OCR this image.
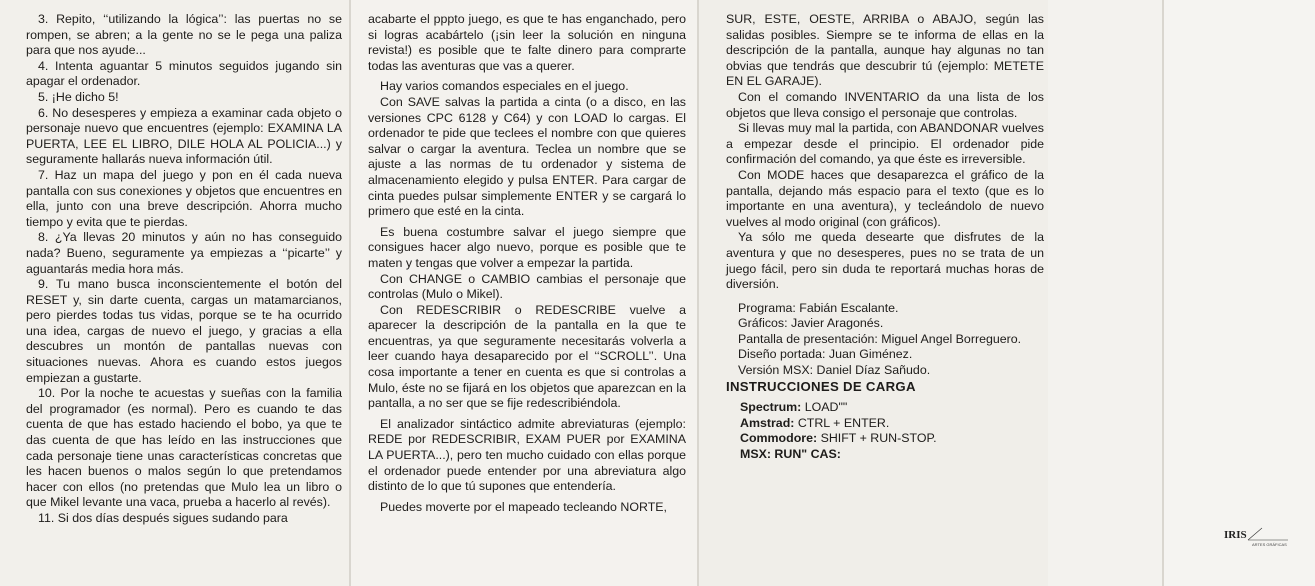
3. Repito, ‘‘utilizando la lógica’’: las puertas no se rompen, se abren; a la gente no se le pega una paliza para que nos ayude...

4. Intenta aguantar 5 minutos seguidos jugando sin apagar el ordenador.

5. ¡He dicho 5!

6. No desesperes y empieza a examinar cada objeto o personaje nuevo que encuentres (ejemplo: EXAMINA LA PUERTA, LEE EL LIBRO, DILE HOLA AL POLICIA...) y seguramente hallarás nueva información útil.

7. Haz un mapa del juego y pon en él cada nueva pantalla con sus conexiones y objetos que encuentres en ella, junto con una breve descripción. Ahorra mucho tiempo y evita que te pierdas.

8. ¿Ya llevas 20 minutos y aún no has conseguido nada? Bueno, seguramente ya empiezas a ‘‘picarte’’ y aguantarás media hora más.

9. Tu mano busca inconscientemente el botón del RESET y, sin darte cuenta, cargas un matamarcianos, pero pierdes todas tus vidas, porque se te ha ocurrido una idea, cargas de nuevo el juego, y gracias a ella descubres un montón de pantallas nuevas con situaciones nuevas. Ahora es cuando estos juegos empiezan a gustarte.

10. Por la noche te acuestas y sueñas con la familia del programador (es normal). Pero es cuando te das cuenta de que has estado haciendo el bobo, ya que te das cuenta de que has leído en las instrucciones que cada personaje tiene unas características concretas que les hacen buenos o malos según lo que pretendamos hacer con ellos (no pretendas que Mulo lea un libro o que Mikel levante una vaca, prueba a hacerlo al revés).

11. Si dos días después sigues sudando para

acabarte el pppto juego, es que te has enganchado, pero si logras acabártelo (¡sin leer la solución en ninguna revista!) es posible que te falte dinero para comprarte todas las aventuras que vas a querer.

Hay varios comandos especiales en el juego.

Con SAVE salvas la partida a cinta (o a disco, en las versiones CPC 6128 y C64) y con LOAD lo cargas. El ordenador te pide que teclees el nombre con que quieres salvar o cargar la aventura. Teclea un nombre que se ajuste a las normas de tu ordenador y sistema de almacenamiento elegido y pulsa ENTER. Para cargar de cinta puedes pulsar simplemente ENTER y se cargará lo primero que esté en la cinta.

Es buena costumbre salvar el juego siempre que consigues hacer algo nuevo, porque es posible que te maten y tengas que volver a empezar la partida.

Con CHANGE o CAMBIO cambias el personaje que controlas (Mulo o Mikel).

Con REDESCRIBIR o REDESCRIBE vuelve a aparecer la descripción de la pantalla en la que te encuentras, ya que seguramente necesitarás volverla a leer cuando haya desaparecido por el ‘‘SCROLL’’. Una cosa importante a tener en cuenta es que si controlas a Mulo, éste no se fijará en los objetos que aparezcan en la pantalla, a no ser que se fije redescribiéndola.

El analizador sintáctico admite abreviaturas (ejemplo: REDE por REDESCRIBIR, EXAM PUER por EXAMINA LA PUERTA...), pero ten mucho cuidado con ellas porque el ordenador puede entender por una abreviatura algo distinto de lo que tú supones que entendería.

Puedes moverte por el mapeado tecleando NORTE,

SUR, ESTE, OESTE, ARRIBA o ABAJO, según las salidas posibles. Siempre se te informa de ellas en la descripción de la pantalla, aunque hay algunas no tan obvias que tendrás que descubrir tú (ejemplo: METETE EN EL GARAJE).

Con el comando INVENTARIO da una lista de los objetos que lleva consigo el personaje que controlas.

Si llevas muy mal la partida, con ABANDONAR vuelves a empezar desde el principio. El ordenador pide confirmación del comando, ya que éste es irreversible.

Con MODE haces que desaparezca el gráfico de la pantalla, dejando más espacio para el texto (que es lo importante en una aventura), y tecleándolo de nuevo vuelves al modo original (con gráficos).

Ya sólo me queda desearte que disfrutes de la aventura y que no desesperes, pues no se trata de un juego fácil, pero sin duda te reportará muchas horas de diversión.

Programa: Fabián Escalante.

Gráficos: Javier Aragonés.

Pantalla de presentación: Miguel Angel Borreguero.

Diseño portada: Juan Giménez.

Versión MSX: Daniel Díaz Sañudo.

INSTRUCCIONES DE CARGA

Spectrum: LOAD""

Amstrad: CTRL + ENTER.

Commodore: SHIFT + RUN-STOP.

MSX: RUN" CAS:

IRIS
ARTES GRÁFICAS
